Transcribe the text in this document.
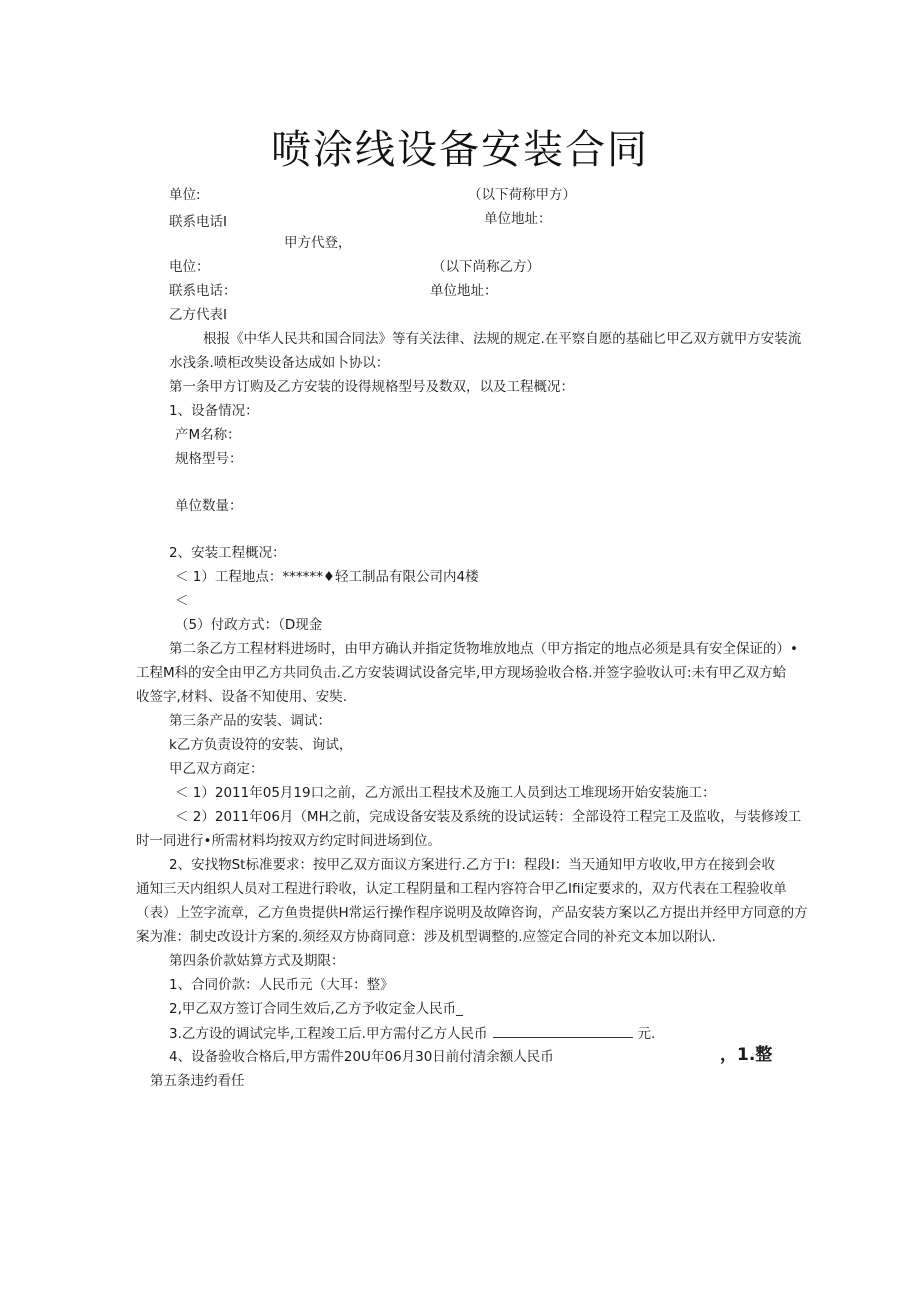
喷涂线设备安装合同
单位:	（以下荷称甲方）
联系电话I	单位地址：
甲方代登，
电位：	（以下尚称乙方）
联系电话：	单位地址：
乙方代表I
根报《中华人民共和国合同法》等有关法律、法规的规定.在平察自愿的基础匕甲乙双方就甲方安装流
水浅条.喷柜改奘设备达成如卜协以：
第一条甲方订购及乙方安装的设得规格型号及数双，以及工程概况：
1、设备情况：
产M名称：
规格型号：
单位数量：
2、安装工程概况：
＜ 1）工程地点：******♦轻工制品有限公司内4楼
＜
（5）付政方式：（D现金
第二条乙方工程材料进场时，由甲方确认并指定货物堆放地点（甲方指定的地点必须是具有安全保证的）•
工程M科的安全由甲乙方共同负击.乙方安装调试设备完毕,甲方现场验收合格.并签字验收认可:未有甲乙双方蛤
收签字,材料、设备不知使用、安奘.
第三条产品的安装、调试：
k乙方负责设符的安装、询试，
甲乙双方商定：
＜ 1）2011年05月19口之前，乙方派出工程技术及施工人员到达工堆现场开始安装施工：
＜ 2）2011年06月（MH之前，完成设备安装及系统的设试运转：全部设符工程完工及监收，与装修竣工
时一同进行•所需材料均按双方约定时间进场到位。
2、安找物St标准要求：按甲乙双方面议方案进行.乙方于I：程段I：当天通知甲方收收,甲方在接到会收
通知三天内组织人员对工程进行聆收，认定工程阴量和工程内容符合甲乙Ifii定要求的，双方代表在工程验收单
（表）上笠字流章，乙方鱼贵提供H常运行操作程序说明及故障咨询，产品安装方案以乙方提出并经甲方同意的方
案为准：制史改设计方案的.须经双方协商同意：涉及机型调整的.应签定合同的补充文本加以附认.
第四条价款姑算方式及期限：
1、合同价款：人民币元（大耳：整》
2,甲乙双方签订合同生效后,乙方予收定金人民币_
3.乙方设的调试完毕,工程竣工后.甲方需付乙方人民币	元.
4、设备验收合格后,甲方需件20U年06月30日前付清余额人民币	，1.整
第五条违约看任
